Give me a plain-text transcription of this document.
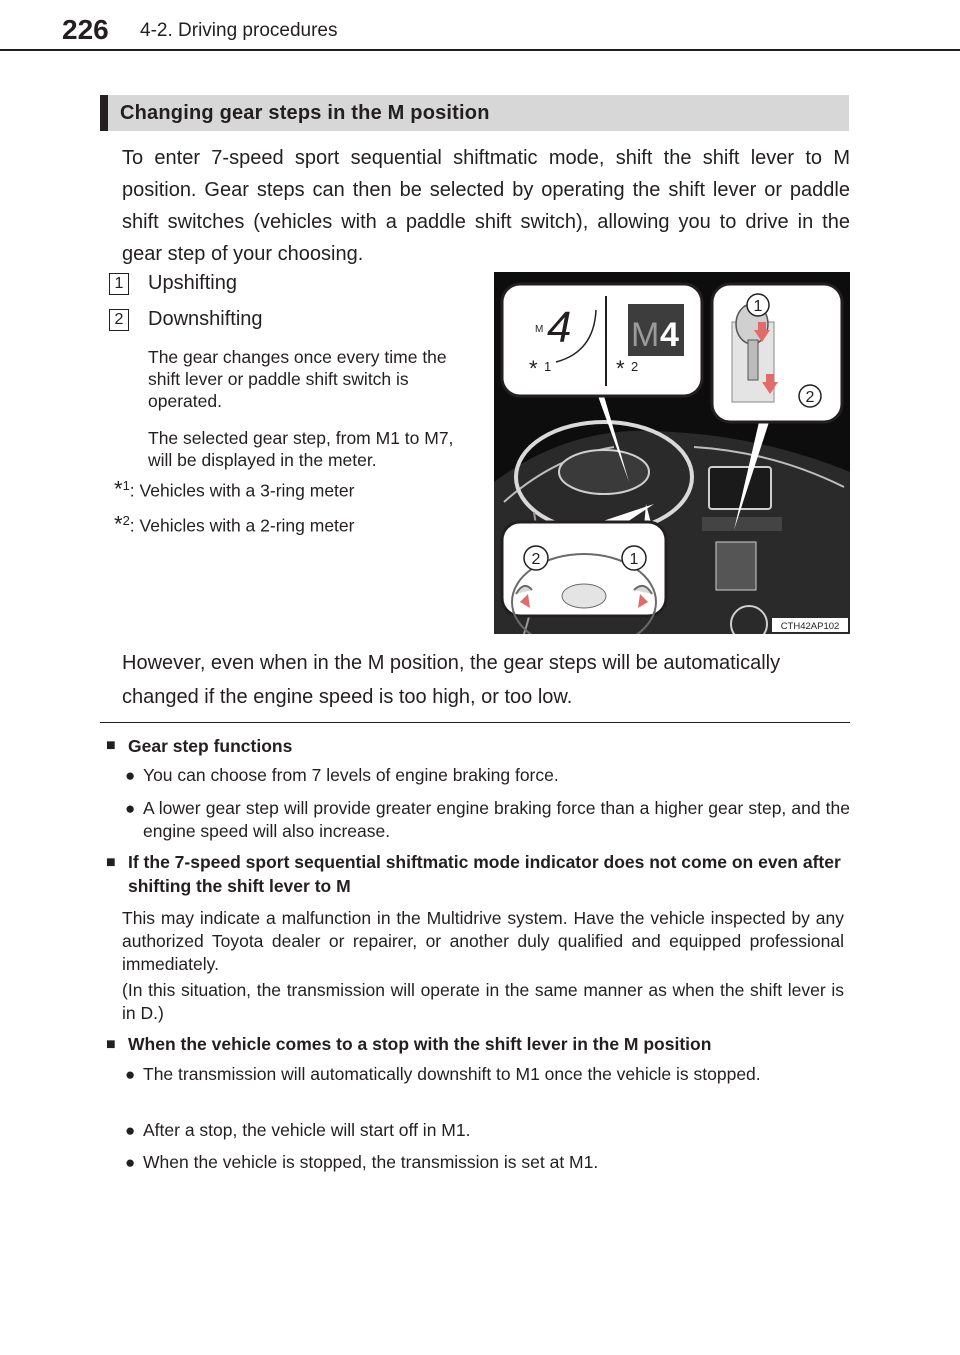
226 4-2. Driving procedures
Changing gear steps in the M position
To enter 7-speed sport sequential shiftmatic mode, shift the shift lever to M position. Gear steps can then be selected by operating the shift lever or paddle shift switches (vehicles with a paddle shift switch), allowing you to drive in the gear step of your choosing.
1 Upshifting
2 Downshifting
The gear changes once every time the shift lever or paddle shift switch is operated.
The selected gear step, from M1 to M7, will be displayed in the meter.
*$^1$: Vehicles with a 3-ring meter
*$^2$: Vehicles with a 2-ring meter
M 4
* 1
M 4
* 2
1
2
2	1
CTH42AP102
However, even when in the M position, the gear steps will be automatically changed if the engine speed is too high, or too low.
■ Gear step functions
● You can choose from 7 levels of engine braking force.
● A lower gear step will provide greater engine braking force than a higher gear step, and the engine speed will also increase.
■ If the 7-speed sport sequential shiftmatic mode indicator does not come on even after shifting the shift lever to M
This may indicate a malfunction in the Multidrive system. Have the vehicle inspected by any authorized Toyota dealer or repairer, or another duly qualified and equipped professional immediately.
(In this situation, the transmission will operate in the same manner as when the shift lever is in D.)
■ When the vehicle comes to a stop with the shift lever in the M position
● The transmission will automatically downshift to M1 once the vehicle is stopped.
● After a stop, the vehicle will start off in M1.
● When the vehicle is stopped, the transmission is set at M1.
